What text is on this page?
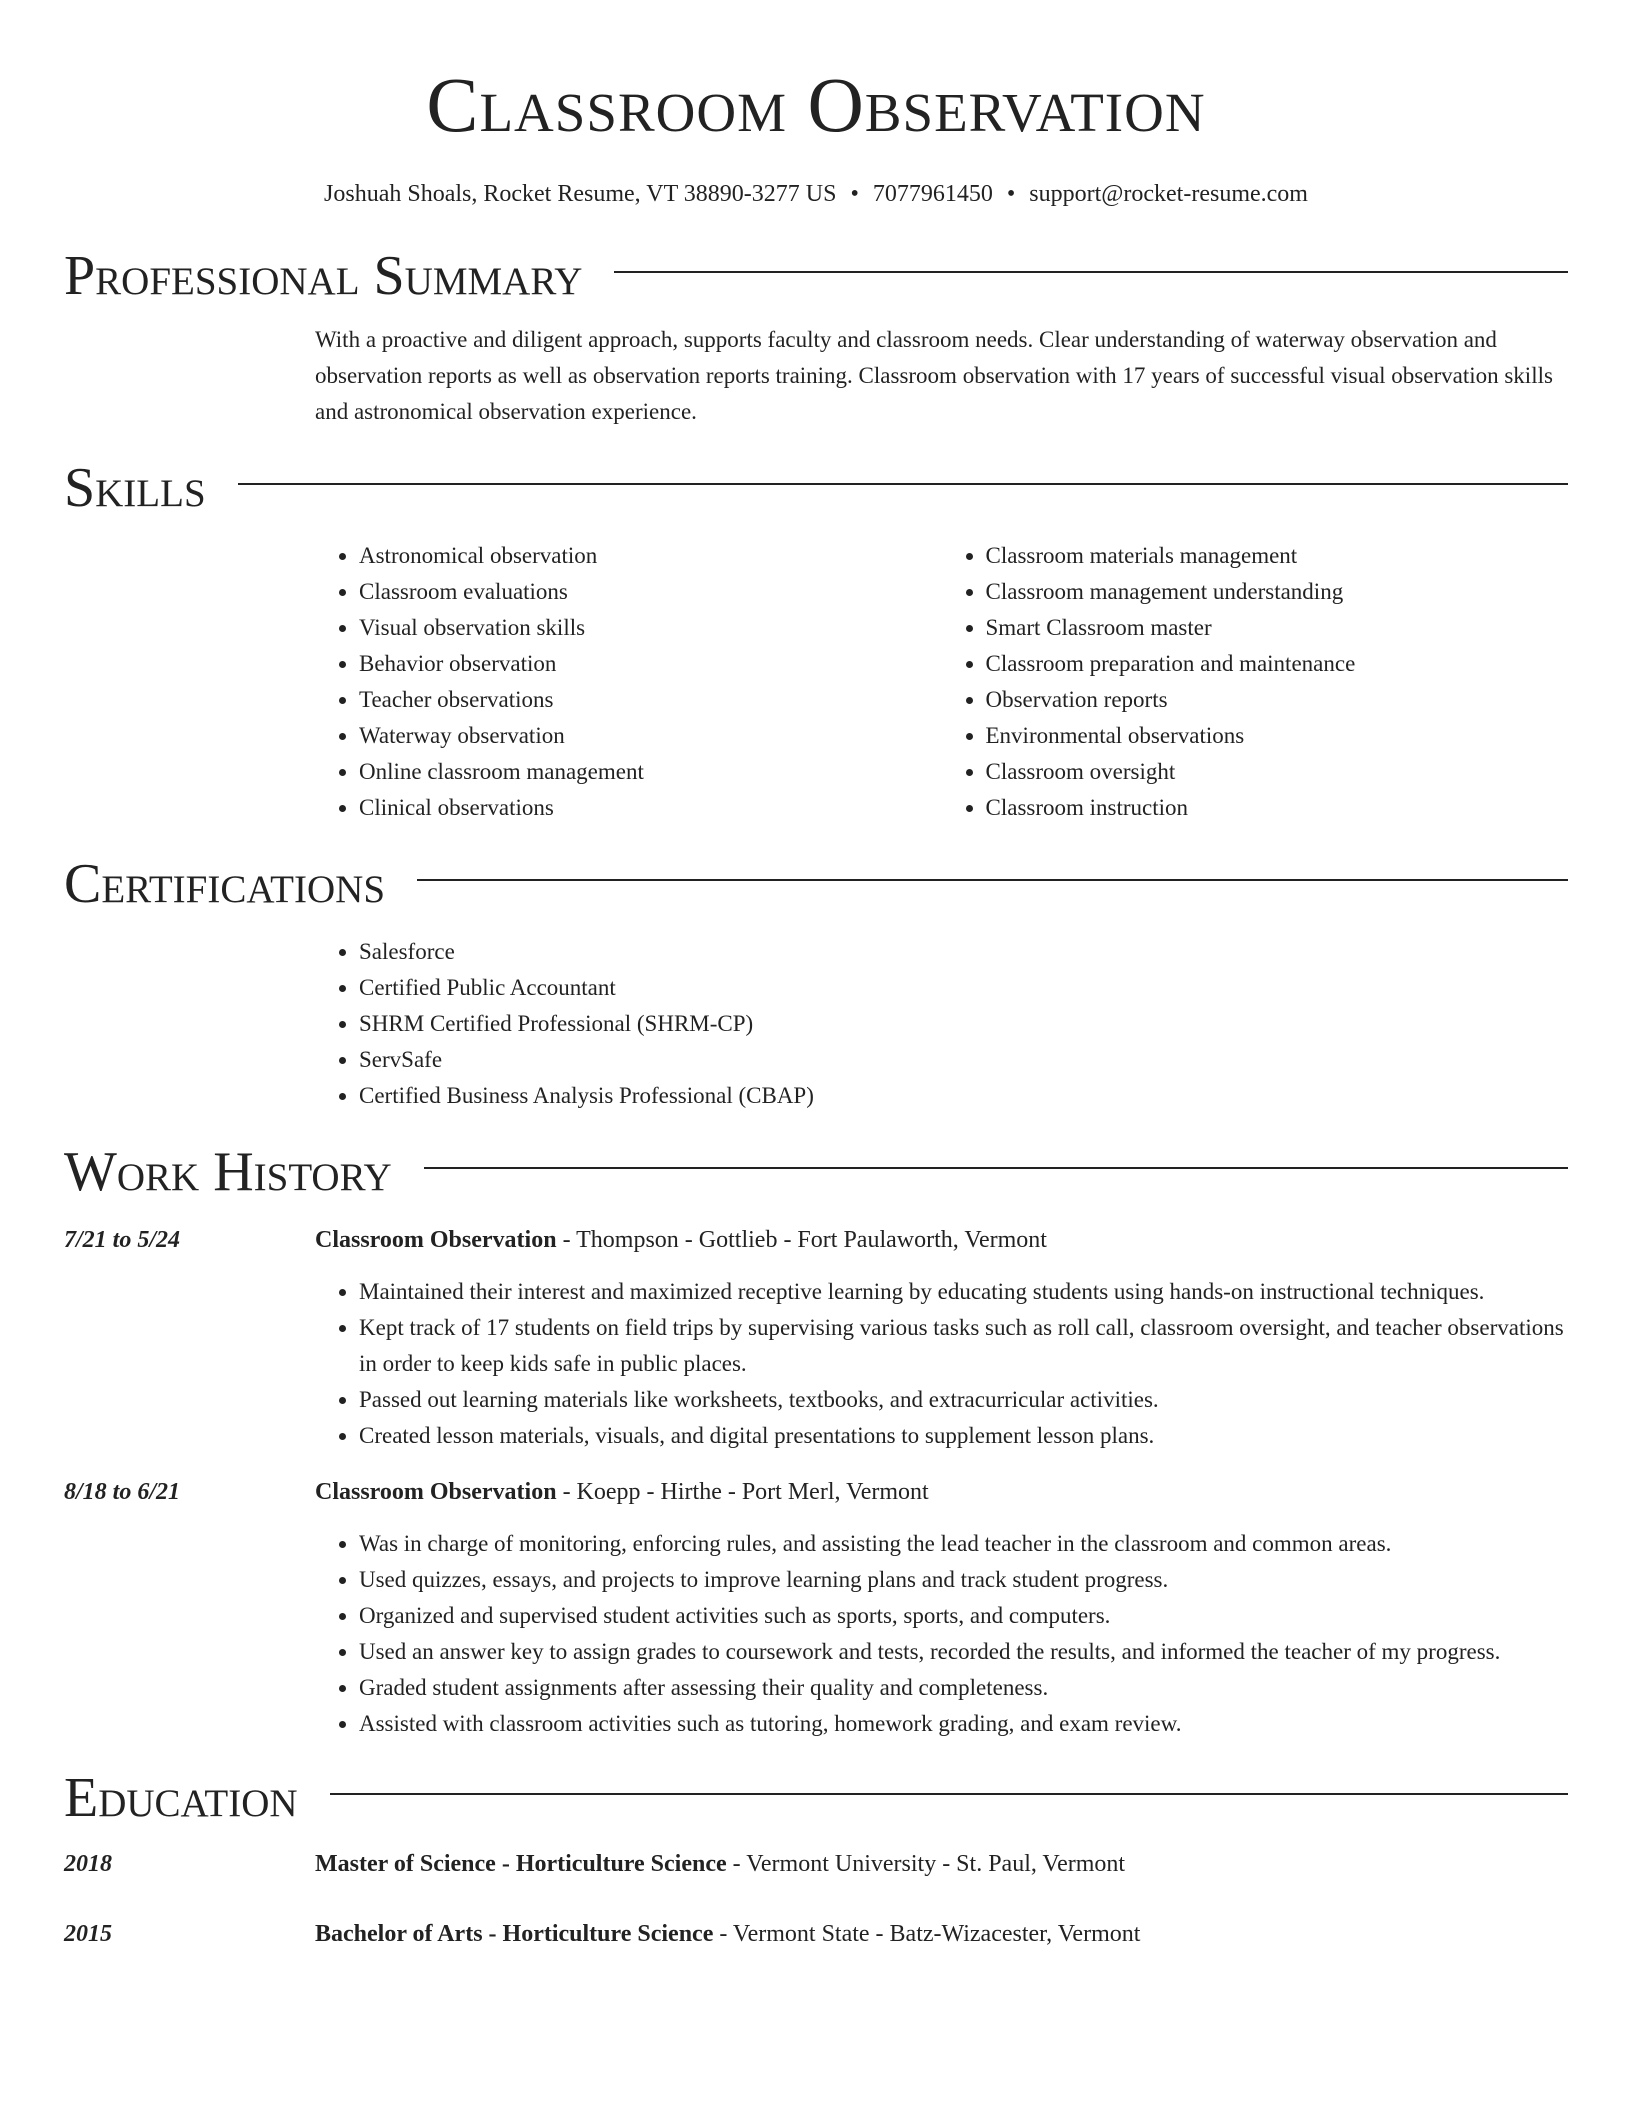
Classroom Observation
Joshuah Shoals, Rocket Resume, VT 38890-3277 US • 7077961450 • support@rocket-resume.com
Professional Summary
With a proactive and diligent approach, supports faculty and classroom needs. Clear understanding of waterway observation and observation reports as well as observation reports training. Classroom observation with 17 years of successful visual observation skills and astronomical observation experience.
Skills
• Astronomical observation
• Classroom evaluations
• Visual observation skills
• Behavior observation
• Teacher observations
• Waterway observation
• Online classroom management
• Clinical observations
• Classroom materials management
• Classroom management understanding
• Smart Classroom master
• Classroom preparation and maintenance
• Observation reports
• Environmental observations
• Classroom oversight
• Classroom instruction
Certifications
• Salesforce
• Certified Public Accountant
• SHRM Certified Professional (SHRM-CP)
• ServSafe
• Certified Business Analysis Professional (CBAP)
Work History
7/21 to 5/24	Classroom Observation - Thompson - Gottlieb - Fort Paulaworth, Vermont
• Maintained their interest and maximized receptive learning by educating students using hands-on instructional techniques.
• Kept track of 17 students on field trips by supervising various tasks such as roll call, classroom oversight, and teacher observations in order to keep kids safe in public places.
• Passed out learning materials like worksheets, textbooks, and extracurricular activities.
• Created lesson materials, visuals, and digital presentations to supplement lesson plans.
8/18 to 6/21	Classroom Observation - Koepp - Hirthe - Port Merl, Vermont
• Was in charge of monitoring, enforcing rules, and assisting the lead teacher in the classroom and common areas.
• Used quizzes, essays, and projects to improve learning plans and track student progress.
• Organized and supervised student activities such as sports, sports, and computers.
• Used an answer key to assign grades to coursework and tests, recorded the results, and informed the teacher of my progress.
• Graded student assignments after assessing their quality and completeness.
• Assisted with classroom activities such as tutoring, homework grading, and exam review.
Education
2018	Master of Science - Horticulture Science - Vermont University - St. Paul, Vermont
2015	Bachelor of Arts - Horticulture Science - Vermont State - Batz-Wizacester, Vermont
